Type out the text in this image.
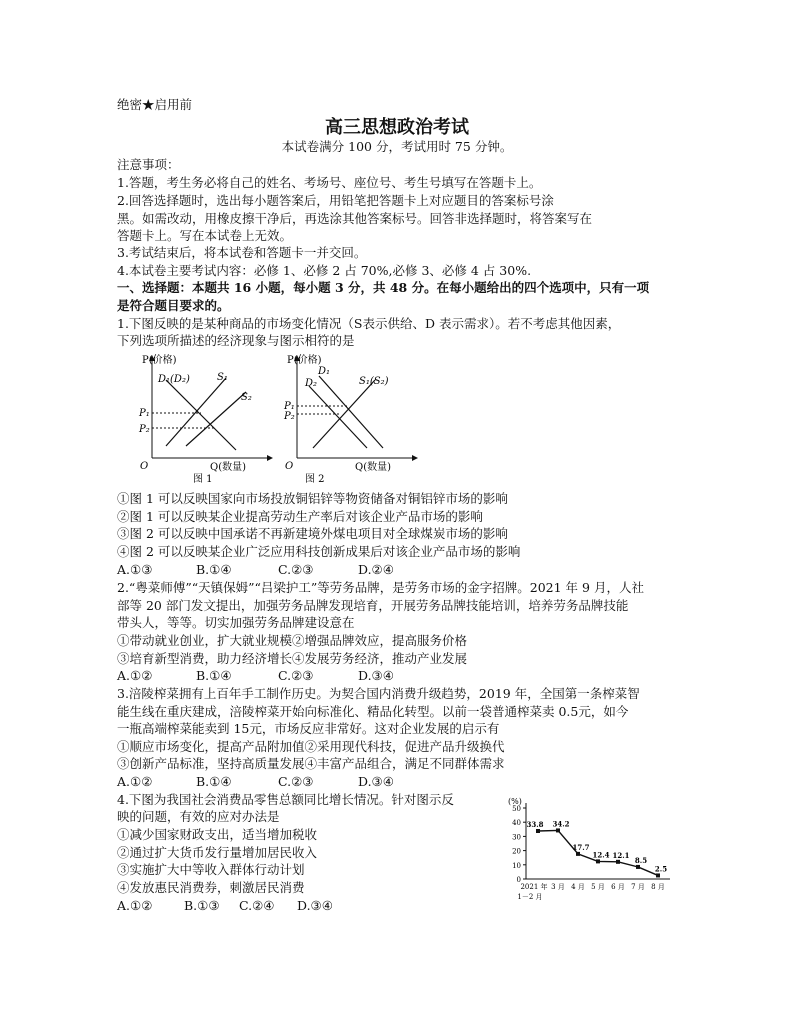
绝密★启用前
高三思想政治考试
本试卷满分 100 分，考试用时 75 分钟。
注意事项：
1.答题，考生务必将自己的姓名、考场号、座位号、考生号填写在答题卡上。
2.回答选择题时，选出每小题答案后，用铅笔把答题卡上对应题目的答案标号涂
黑。如需改动，用橡皮擦干净后，再选涂其他答案标号。回答非选择题时，将答案写在
答题卡上。写在本试卷上无效。
3.考试结束后，将本试卷和答题卡一并交回。
4.本试卷主要考试内容：必修 1、必修 2 占 70%,必修 3、必修 4 占 30%.
一、选择题：本题共 16 小题，每小题 3 分，共 48 分。在每小题给出的四个选项中，只有一项
是符合题目要求的。
1.下图反映的是某种商品的市场变化情况（S表示供给、D 表示需求）。若不考虑其他因素，
下列选项所描述的经济现象与图示相符的是
P(价格)
Q(数量)
O
D₁(D₂)	S₁
S₂
P₁
P₂
图 1
P(价格)
Q(数量)
O
D₁
D₂	S₁(S₂)
P₁
P₂
图 2
①图 1 可以反映国家向市场投放铜铝锌等物资储备对铜铝锌市场的影响
②图 1 可以反映某企业提高劳动生产率后对该企业产品市场的影响
③图 2 可以反映中国承诺不再新建境外煤电项目对全球煤炭市场的影响
④图 2 可以反映某企业广泛应用科技创新成果后对该企业产品市场的影响
A.①③	B.①④	C.②③	D.②④
2.“粤菜师傅”“天镇保姆”“吕梁护工”等劳务品牌，是劳务市场的金字招牌。2021 年 9 月，人社
部等 20 部门发文提出，加强劳务品牌发现培育，开展劳务品牌技能培训，培养劳务品牌技能
带头人，等等。切实加强劳务品牌建设意在
①带动就业创业，扩大就业规模②增强品牌效应，提高服务价格
③培育新型消费，助力经济增长④发展劳务经济，推动产业发展
A.①②	B.①④	C.②③	D.③④
3.涪陵榨菜拥有上百年手工制作历史。为契合国内消费升级趋势，2019 年，全国第一条榨菜智
能生线在重庆建成，涪陵榨菜开始向标准化、精品化转型。以前一袋普通榨菜卖 0.5元，如今
一瓶高端榨菜能卖到 15元，市场反应非常好。这对企业发展的启示有
①顺应市场变化，提高产品附加值②采用现代科技，促进产品升级换代
③创新产品标准，坚持高质量发展④丰富产品组合，满足不同群体需求
A.①②	B.①④	C.②③	D.③④
4.下图为我国社会消费品零售总额同比增长情况。针对图示反
映的问题，有效的应对办法是
①减少国家财政支出，适当增加税收
②通过扩大货币发行量增加居民收入
③实施扩大中等收入群体行动计划
④发放惠民消费券，刺激居民消费
A.①②	B.①③ C.②④ D.③④
(%)
0
10
20
30
40
50
33.8
2021 年
34.2
3 月
17.7
4 月
12.4
5 月
12.1
6 月
8.5
7 月
2.5
8 月
1－2 月
